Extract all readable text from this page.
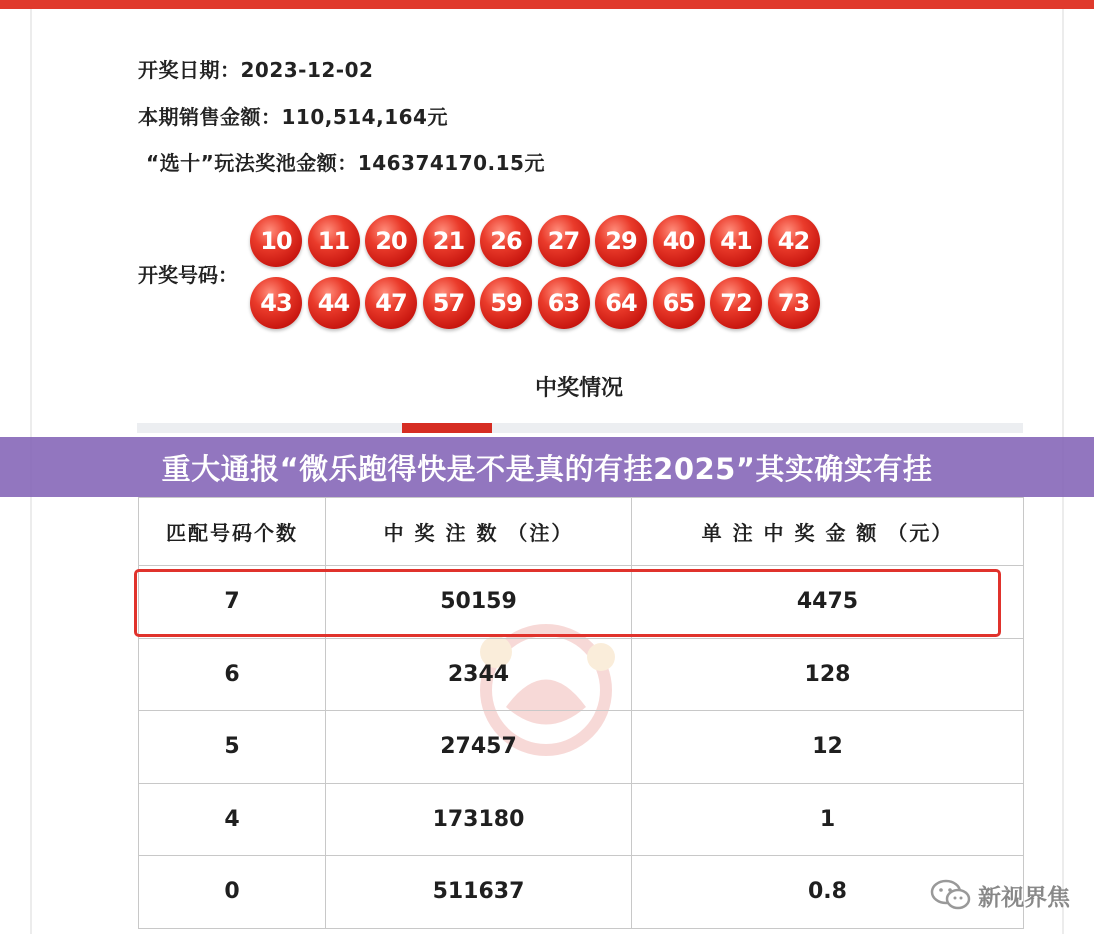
开奖日期：2023-12-02
本期销售金额：110,514,164元
“选十”玩法奖池金额：146374170.15元
开奖号码：
10	11	20	21	26	27	29	40	41	42
43	44	47	57	59	63	64	65	72	73
中奖情况
匹配号码个数	中 奖 注 数 （注）	单 注 中 奖 金 额 （元）
7	50159	4475
6	2344	128
5	27457	12
4	173180	1
0	511637	0.8
重大通报“微乐跑得快是不是真的有挂2025”其实确实有挂
新视界焦
